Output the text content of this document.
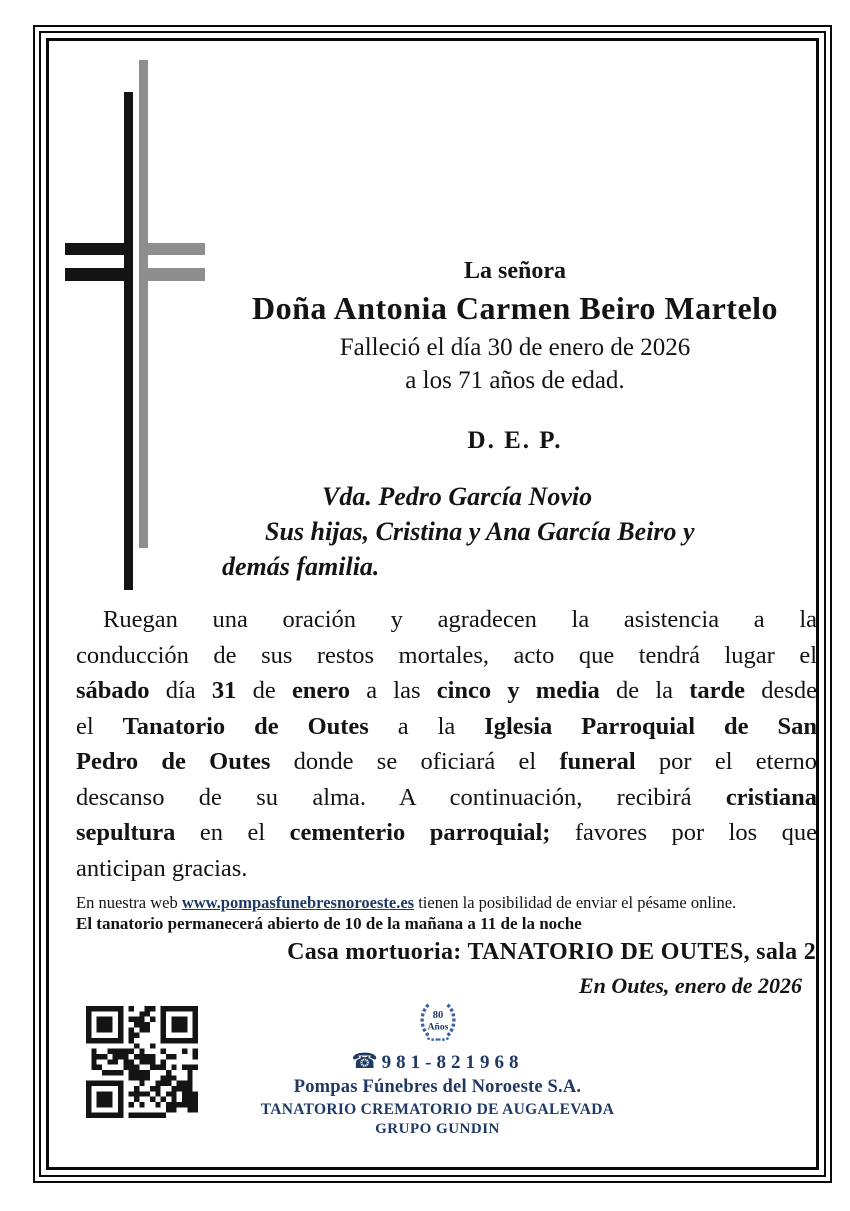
La señora
Doña Antonia Carmen Beiro Martelo
Falleció el día 30 de enero de 2026
a los 71 años de edad.
D. E. P.
Vda. Pedro García Novio
Sus hijas, Cristina y Ana García Beiro y
demás familia.
Ruegan una oración y agradecen la asistencia a la
conducción de sus restos mortales, acto que tendrá lugar el
sábado día 31 de enero a las cinco y media de la tarde desde
el Tanatorio de Outes a la Iglesia Parroquial de San
Pedro de Outes donde se oficiará el funeral por el eterno
descanso de su alma. A continuación, recibirá cristiana
sepultura en el cementerio parroquial; favores por los que
anticipan gracias.
En nuestra web www.pompasfunebresnoroeste.es tienen la posibilidad de enviar el pésame online.
El tanatorio permanecerá abierto de 10 de la mañana a 11 de la noche
Casa mortuoria: TANATORIO DE OUTES, sala 2
En Outes, enero de 2026
80
Años
☎ 981-821968
Pompas Fúnebres del Noroeste S.A.
TANATORIO CREMATORIO DE AUGALEVADA
GRUPO GUNDIN
